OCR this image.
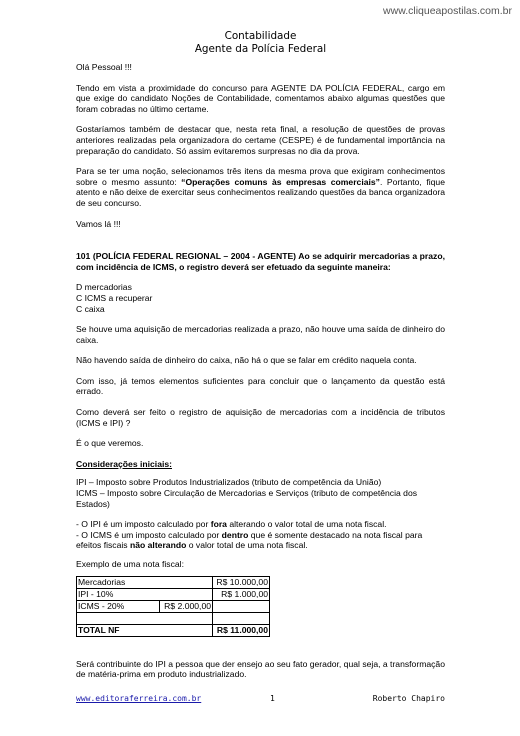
www.cliqueapostilas.com.br
Contabilidade
Agente da Polícia Federal

Olá Pessoal !!!

Tendo em vista a proximidade do concurso para AGENTE DA POLÍCIA FEDERAL, cargo em que exige do candidato Noções de Contabilidade, comentamos abaixo algumas questões que foram cobradas no último certame.

Gostaríamos também de destacar que, nesta reta final, a resolução de questões de provas anteriores realizadas pela organizadora do certame (CESPE) é de fundamental importância na preparação do candidato. Só assim evitaremos surpresas no dia da prova.

Para se ter uma noção, selecionamos três itens da mesma prova que exigiram conhecimentos sobre o mesmo assunto: “Operações comuns às empresas comerciais”. Portanto, fique atento e não deixe de exercitar seus conhecimentos realizando questões da banca organizadora de seu concurso.

Vamos lá !!!

101 (POLÍCIA FEDERAL REGIONAL – 2004 - AGENTE) Ao se adquirir mercadorias a prazo, com incidência de ICMS, o registro deverá ser efetuado da seguinte maneira:

D mercadorias
C ICMS a recuperar
C caixa

Se houve uma aquisição de mercadorias realizada a prazo, não houve uma saída de dinheiro do caixa.

Não havendo saída de dinheiro do caixa, não há o que se falar em crédito naquela conta.

Com isso, já temos elementos suficientes para concluir que o lançamento da questão está errado.

Como deverá ser feito o registro de aquisição de mercadorias com a incidência de tributos (ICMS e IPI) ?

É o que veremos.

Considerações iniciais:

IPI – Imposto sobre Produtos Industrializados (tributo de competência da União)
ICMS – Imposto sobre Circulação de Mercadorias e Serviços (tributo de competência dos Estados)
- O IPI é um imposto calculado por fora alterando o valor total de uma nota fiscal.
- O ICMS é um imposto calculado por dentro que é somente destacado na nota fiscal para efeitos fiscais não alterando o valor total de uma nota fiscal.
Exemplo de uma nota fiscal:
Mercadorias		R$ 10.000,00
IPI - 10%		R$ 1.000,00
ICMS - 20%	R$ 2.000,00	

TOTAL NF		R$ 11.000,00

Será contribuinte do IPI a pessoa que der ensejo ao seu fato gerador, qual seja, a transformação de matéria-prima em produto industrializado.

www.editoraferreira.com.br	1	Roberto Chapiro
